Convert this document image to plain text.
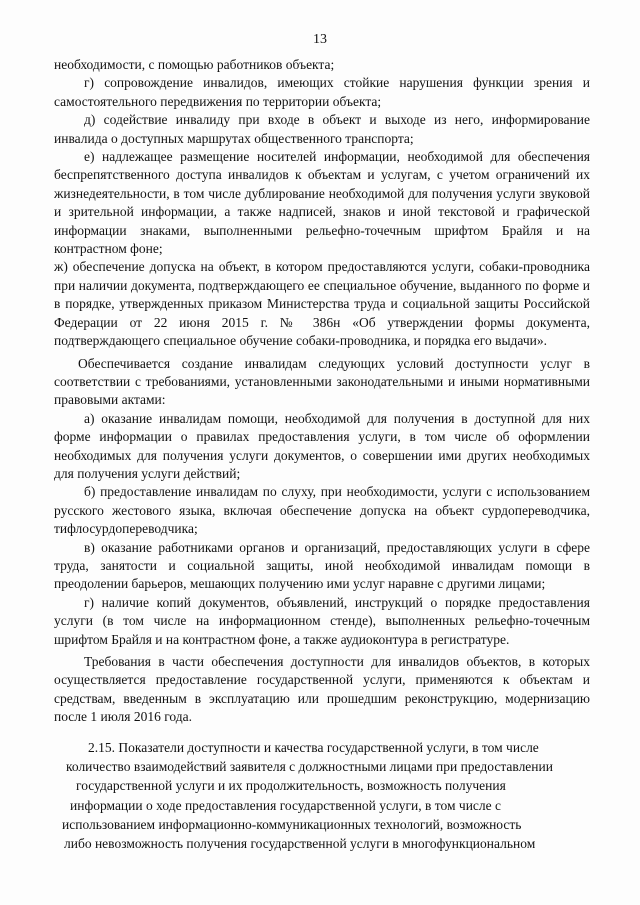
13

необходимости, с помощью работников объекта;

г) сопровождение инвалидов, имеющих стойкие нарушения функции зрения и самостоятельного передвижения по территории объекта;

д) содействие инвалиду при входе в объект и выходе из него, информирование инвалида о доступных маршрутах общественного транспорта;

е) надлежащее размещение носителей информации, необходимой для обеспечения беспрепятственного доступа инвалидов к объектам и услугам, с учетом ограничений их жизнедеятельности, в том числе дублирование необходимой для получения услуги звуковой и зрительной информации, а также надписей, знаков и иной текстовой и графической информации знаками, выполненными рельефно-точечным шрифтом Брайля и на контрастном фоне;

ж) обеспечение допуска на объект, в котором предоставляются услуги, собаки-проводника при наличии документа, подтверждающего ее специальное обучение, выданного по форме и в порядке, утвержденных приказом Министерства труда и социальной защиты Российской Федерации от 22 июня 2015 г. № 386н «Об утверждении формы документа, подтверждающего специальное обучение собаки-проводника, и порядка его выдачи».

Обеспечивается создание инвалидам следующих условий доступности услуг в соответствии с требованиями, установленными законодательными и иными нормативными правовыми актами:

а) оказание инвалидам помощи, необходимой для получения в доступной для них форме информации о правилах предоставления услуги, в том числе об оформлении необходимых для получения услуги документов, о совершении ими других необходимых для получения услуги действий;

б) предоставление инвалидам по слуху, при необходимости, услуги с использованием русского жестового языка, включая обеспечение допуска на объект сурдопереводчика, тифлосурдопереводчика;

в) оказание работниками органов и организаций, предоставляющих услуги в сфере труда, занятости и социальной защиты, иной необходимой инвалидам помощи в преодолении барьеров, мешающих получению ими услуг наравне с другими лицами;

г) наличие копий документов, объявлений, инструкций о порядке предоставления услуги (в том числе на информационном стенде), выполненных рельефно-точечным шрифтом Брайля и на контрастном фоне, а также аудиоконтура в регистратуре.

Требования в части обеспечения доступности для инвалидов объектов, в которых осуществляется предоставление государственной услуги, применяются к объектам и средствам, введенным в эксплуатацию или прошедшим реконструкцию, модернизацию после 1 июля 2016 года.

2.15. Показатели доступности и качества государственной услуги, в том числе
количество взаимодействий заявителя с должностными лицами при предоставлении
государственной услуги и их продолжительность, возможность получения
информации о ходе предоставления государственной услуги, в том числе с
использованием информационно-коммуникационных технологий, возможность
либо невозможность получения государственной услуги в многофункциональном
